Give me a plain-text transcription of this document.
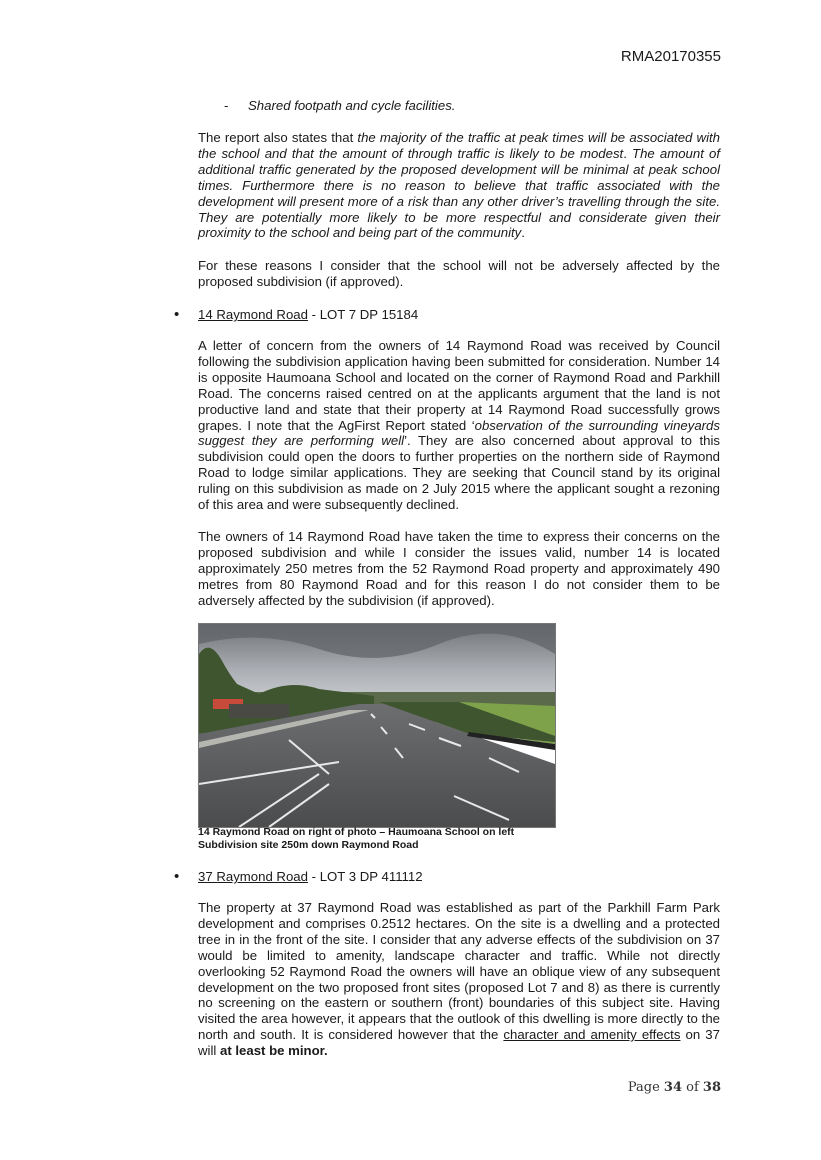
RMA20170355
- Shared footpath and cycle facilities.

The report also states that the majority of the traffic at peak times will be associated with the school and that the amount of through traffic is likely to be modest. The amount of additional traffic generated by the proposed development will be minimal at peak school times. Furthermore there is no reason to believe that traffic associated with the development will present more of a risk than any other driver’s travelling through the site. They are potentially more likely to be more respectful and considerate given their proximity to the school and being part of the community.

For these reasons I consider that the school will not be adversely affected by the proposed subdivision (if approved).

• 14 Raymond Road - LOT 7 DP 15184

A letter of concern from the owners of 14 Raymond Road was received by Council following the subdivision application having been submitted for consideration. Number 14 is opposite Haumoana School and located on the corner of Raymond Road and Parkhill Road. The concerns raised centred on at the applicants argument that the land is not productive land and state that their property at 14 Raymond Road successfully grows grapes. I note that the AgFirst Report stated ‘observation of the surrounding vineyards suggest they are performing well’. They are also concerned about approval to this subdivision could open the doors to further properties on the northern side of Raymond Road to lodge similar applications. They are seeking that Council stand by its original ruling on this subdivision as made on 2 July 2015 where the applicant sought a rezoning of this area and were subsequently declined.

The owners of 14 Raymond Road have taken the time to express their concerns on the proposed subdivision and while I consider the issues valid, number 14 is located approximately 250 metres from the 52 Raymond Road property and approximately 490 metres from 80 Raymond Road and for this reason I do not consider them to be adversely affected by the subdivision (if approved).

14 Raymond Road on right of photo – Haumoana School on left
Subdivision site 250m down Raymond Road
• 37 Raymond Road - LOT 3 DP 411112

The property at 37 Raymond Road was established as part of the Parkhill Farm Park development and comprises 0.2512 hectares. On the site is a dwelling and a protected tree in in the front of the site. I consider that any adverse effects of the subdivision on 37 would be limited to amenity, landscape character and traffic. While not directly overlooking 52 Raymond Road the owners will have an oblique view of any subsequent development on the two proposed front sites (proposed Lot 7 and 8) as there is currently no screening on the eastern or southern (front) boundaries of this subject site. Having visited the area however, it appears that the outlook of this dwelling is more directly to the north and south. It is considered however that the character and amenity effects on 37 will at least be minor.

Page 34 of 38
